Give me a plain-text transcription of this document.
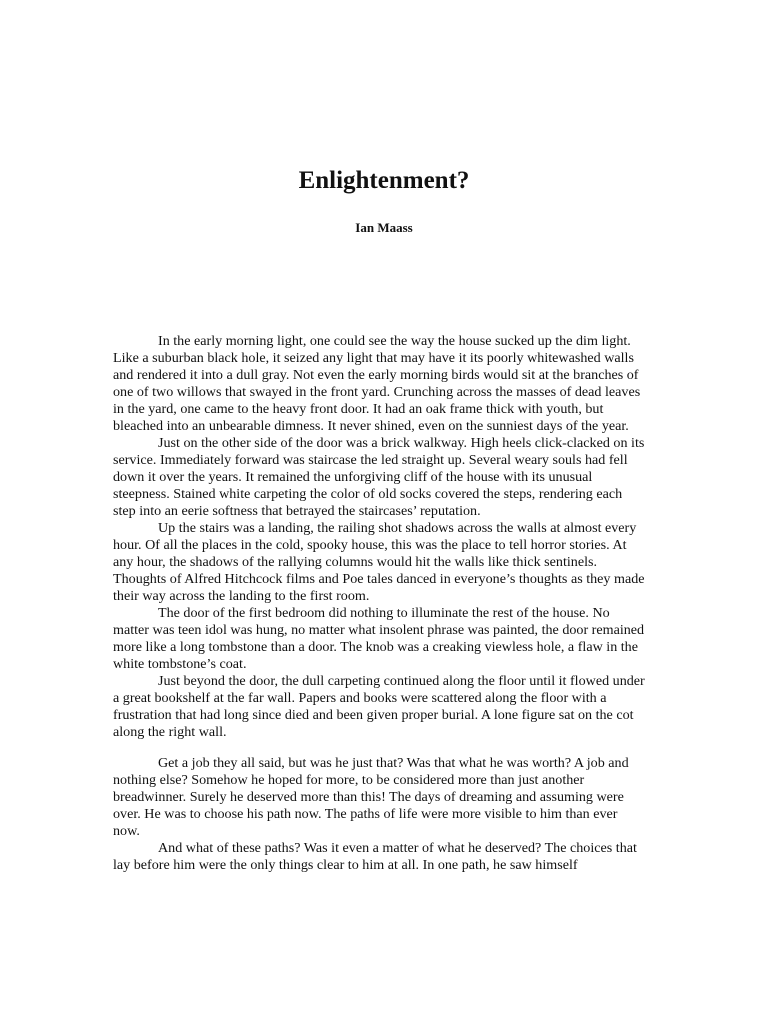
Enlightenment?
Ian Maass

In the early morning light, one could see the way the house sucked up the dim light. Like a suburban black hole, it seized any light that may have it its poorly whitewashed walls and rendered it into a dull gray. Not even the early morning birds would sit at the branches of one of two willows that swayed in the front yard. Crunching across the masses of dead leaves in the yard, one came to the heavy front door. It had an oak frame thick with youth, but bleached into an unbearable dimness. It never shined, even on the sunniest days of the year.

Just on the other side of the door was a brick walkway. High heels click-clacked on its service. Immediately forward was staircase the led straight up. Several weary souls had fell down it over the years. It remained the unforgiving cliff of the house with its unusual steepness. Stained white carpeting the color of old socks covered the steps, rendering each step into an eerie softness that betrayed the staircases’ reputation.

Up the stairs was a landing, the railing shot shadows across the walls at almost every hour. Of all the places in the cold, spooky house, this was the place to tell horror stories. At any hour, the shadows of the rallying columns would hit the walls like thick sentinels. Thoughts of Alfred Hitchcock films and Poe tales danced in everyone’s thoughts as they made their way across the landing to the first room.

The door of the first bedroom did nothing to illuminate the rest of the house. No matter was teen idol was hung, no matter what insolent phrase was painted, the door remained more like a long tombstone than a door. The knob was a creaking viewless hole, a flaw in the white tombstone’s coat.

Just beyond the door, the dull carpeting continued along the floor until it flowed under a great bookshelf at the far wall. Papers and books were scattered along the floor with a frustration that had long since died and been given proper burial. A lone figure sat on the cot along the right wall.

Get a job they all said, but was he just that? Was that what he was worth? A job and nothing else? Somehow he hoped for more, to be considered more than just another breadwinner. Surely he deserved more than this! The days of dreaming and assuming were over. He was to choose his path now. The paths of life were more visible to him than ever now.

And what of these paths? Was it even a matter of what he deserved? The choices that lay before him were the only things clear to him at all. In one path, he saw himself
